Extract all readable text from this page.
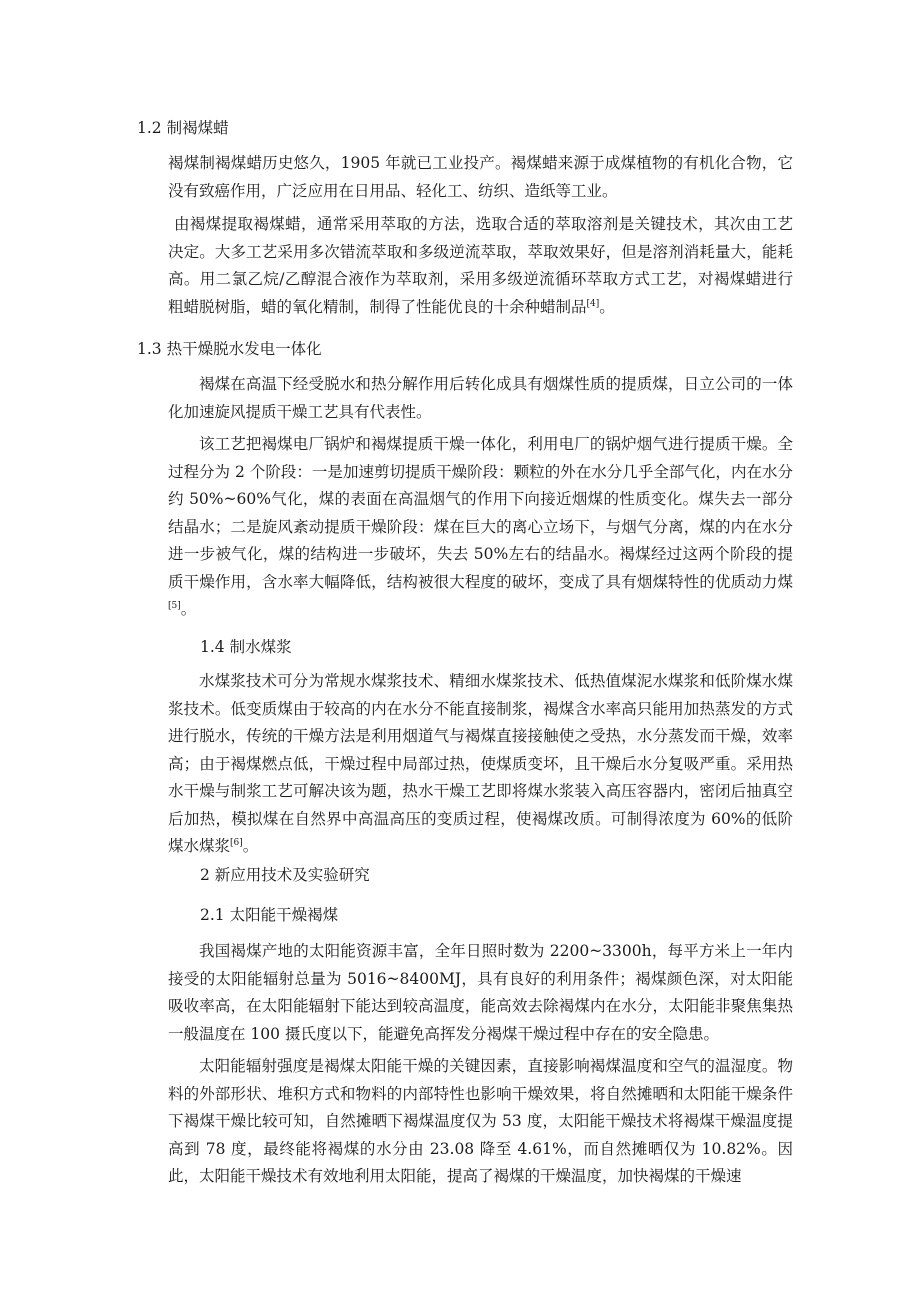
1.2 制褐煤蜡
褐煤制褐煤蜡历史悠久，1905 年就已工业投产。褐煤蜡来源于成煤植物的有机化合物，它没有致癌作用，广泛应用在日用品、轻化工、纺织、造纸等工业。
由褐煤提取褐煤蜡，通常采用萃取的方法，选取合适的萃取溶剂是关键技术，其次由工艺决定。大多工艺采用多次错流萃取和多级逆流萃取，萃取效果好，但是溶剂消耗量大，能耗高。用二氯乙烷/乙醇混合液作为萃取剂，采用多级逆流循环萃取方式工艺，对褐煤蜡进行粗蜡脱树脂，蜡的氧化精制，制得了性能优良的十余种蜡制品[4]。
1.3 热干燥脱水发电一体化
褐煤在高温下经受脱水和热分解作用后转化成具有烟煤性质的提质煤，日立公司的一体化加速旋风提质干燥工艺具有代表性。
该工艺把褐煤电厂锅炉和褐煤提质干燥一体化，利用电厂的锅炉烟气进行提质干燥。全过程分为 2 个阶段：一是加速剪切提质干燥阶段：颗粒的外在水分几乎全部气化，内在水分约 50%~60%气化，煤的表面在高温烟气的作用下向接近烟煤的性质变化。煤失去一部分结晶水；二是旋风紊动提质干燥阶段：煤在巨大的离心立场下，与烟气分离，煤的内在水分进一步被气化，煤的结构进一步破坏，失去 50%左右的结晶水。褐煤经过这两个阶段的提质干燥作用，含水率大幅降低，结构被很大程度的破坏，变成了具有烟煤特性的优质动力煤[5]。
1.4 制水煤浆
水煤浆技术可分为常规水煤浆技术、精细水煤浆技术、低热值煤泥水煤浆和低阶煤水煤浆技术。低变质煤由于较高的内在水分不能直接制浆，褐煤含水率高只能用加热蒸发的方式进行脱水，传统的干燥方法是利用烟道气与褐煤直接接触使之受热，水分蒸发而干燥，效率高；由于褐煤燃点低，干燥过程中局部过热，使煤质变坏，且干燥后水分复吸严重。采用热水干燥与制浆工艺可解决该为题，热水干燥工艺即将煤水浆装入高压容器内，密闭后抽真空后加热，模拟煤在自然界中高温高压的变质过程，使褐煤改质。可制得浓度为 60%的低阶煤水煤浆[6]。
2 新应用技术及实验研究
2.1 太阳能干燥褐煤
我国褐煤产地的太阳能资源丰富，全年日照时数为 2200~3300h，每平方米上一年内接受的太阳能辐射总量为 5016~8400MJ，具有良好的利用条件；褐煤颜色深，对太阳能吸收率高，在太阳能辐射下能达到较高温度，能高效去除褐煤内在水分，太阳能非聚焦集热一般温度在 100 摄氏度以下，能避免高挥发分褐煤干燥过程中存在的安全隐患。
太阳能辐射强度是褐煤太阳能干燥的关键因素，直接影响褐煤温度和空气的温湿度。物料的外部形状、堆积方式和物料的内部特性也影响干燥效果，将自然摊晒和太阳能干燥条件下褐煤干燥比较可知，自然摊晒下褐煤温度仅为 53 度，太阳能干燥技术将褐煤干燥温度提高到 78 度，最终能将褐煤的水分由 23.08 降至 4.61%，而自然摊晒仅为 10.82%。因此，太阳能干燥技术有效地利用太阳能，提高了褐煤的干燥温度，加快褐煤的干燥速
